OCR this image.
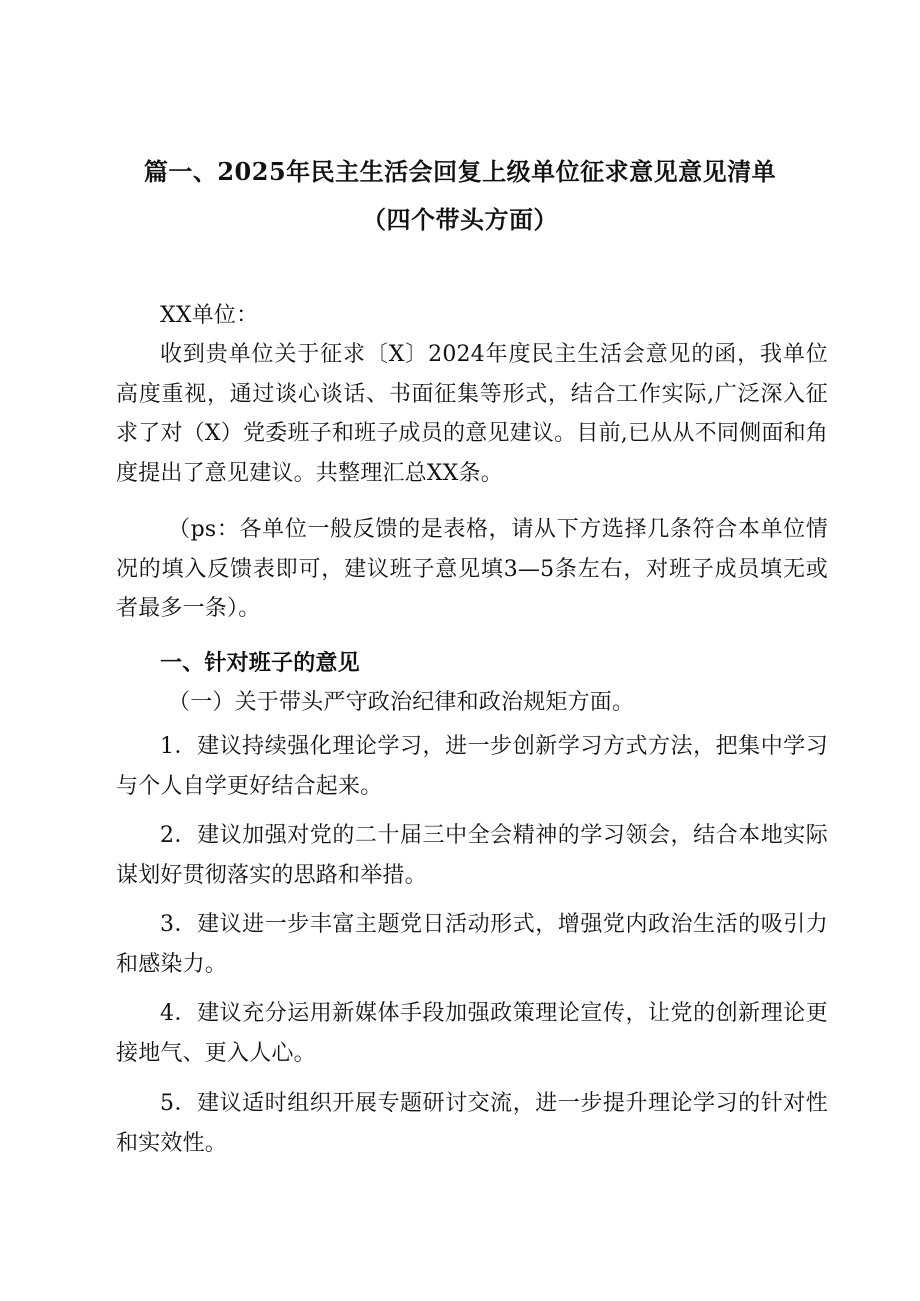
篇一、2025年民主生活会回复上级单位征求意见意见清单
（四个带头方面）

XX单位：

收到贵单位关于征求〔X〕2024年度民主生活会意见的函，我单位高度重视，通过谈心谈话、书面征集等形式，结合工作实际,广泛深入征求了对（X）党委班子和班子成员的意见建议。目前,已从从不同侧面和角度提出了意见建议。共整理汇总XX条。

（ps：各单位一般反馈的是表格，请从下方选择几条符合本单位情况的填入反馈表即可，建议班子意见填3—5条左右，对班子成员填无或者最多一条）。

一、针对班子的意见

（一）关于带头严守政治纪律和政治规矩方面。

1．建议持续强化理论学习，进一步创新学习方式方法，把集中学习与个人自学更好结合起来。

2．建议加强对党的二十届三中全会精神的学习领会，结合本地实际谋划好贯彻落实的思路和举措。

3．建议进一步丰富主题党日活动形式，增强党内政治生活的吸引力和感染力。

4．建议充分运用新媒体手段加强政策理论宣传，让党的创新理论更接地气、更入人心。

5．建议适时组织开展专题研讨交流，进一步提升理论学习的针对性和实效性。
